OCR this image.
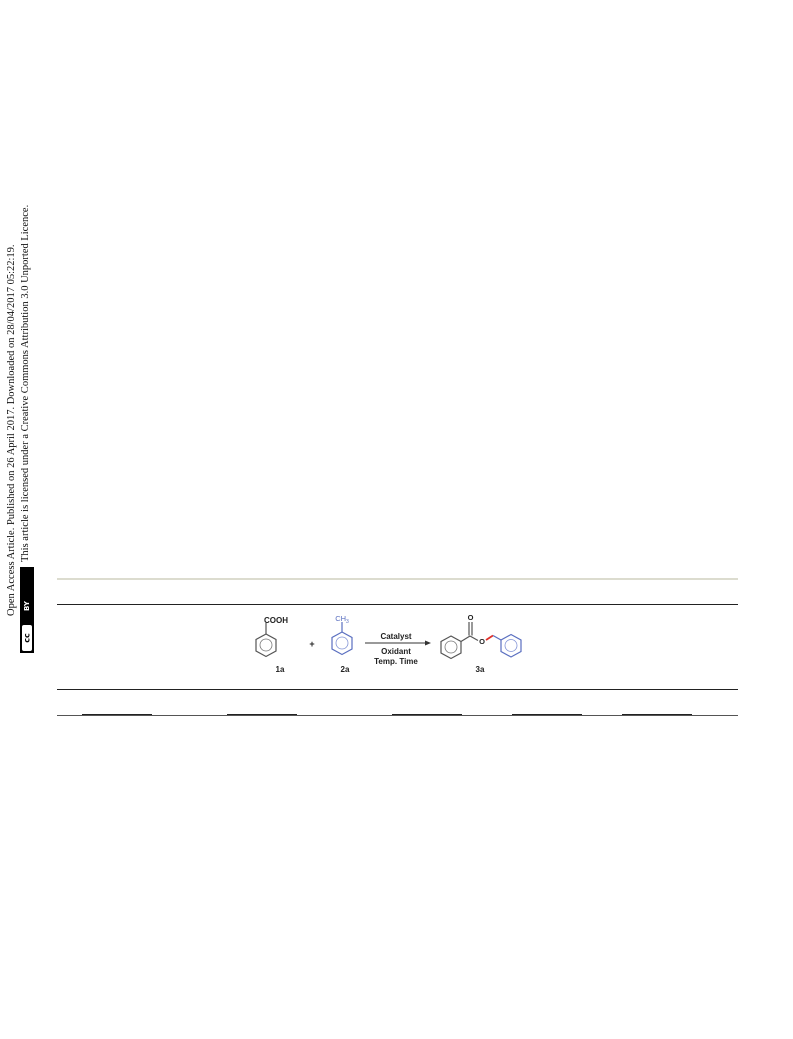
Open Access Article. Published on 26 April 2017. Downloaded on 28/04/2017 05:22:19. This article is licensed under a Creative Commons Attribution 3.0 Unported Licence.
cc
BY
COOH
1a
+
$CH_3$
2a
Catalyst
Oxidant
Temp. Time
O
O
3a
